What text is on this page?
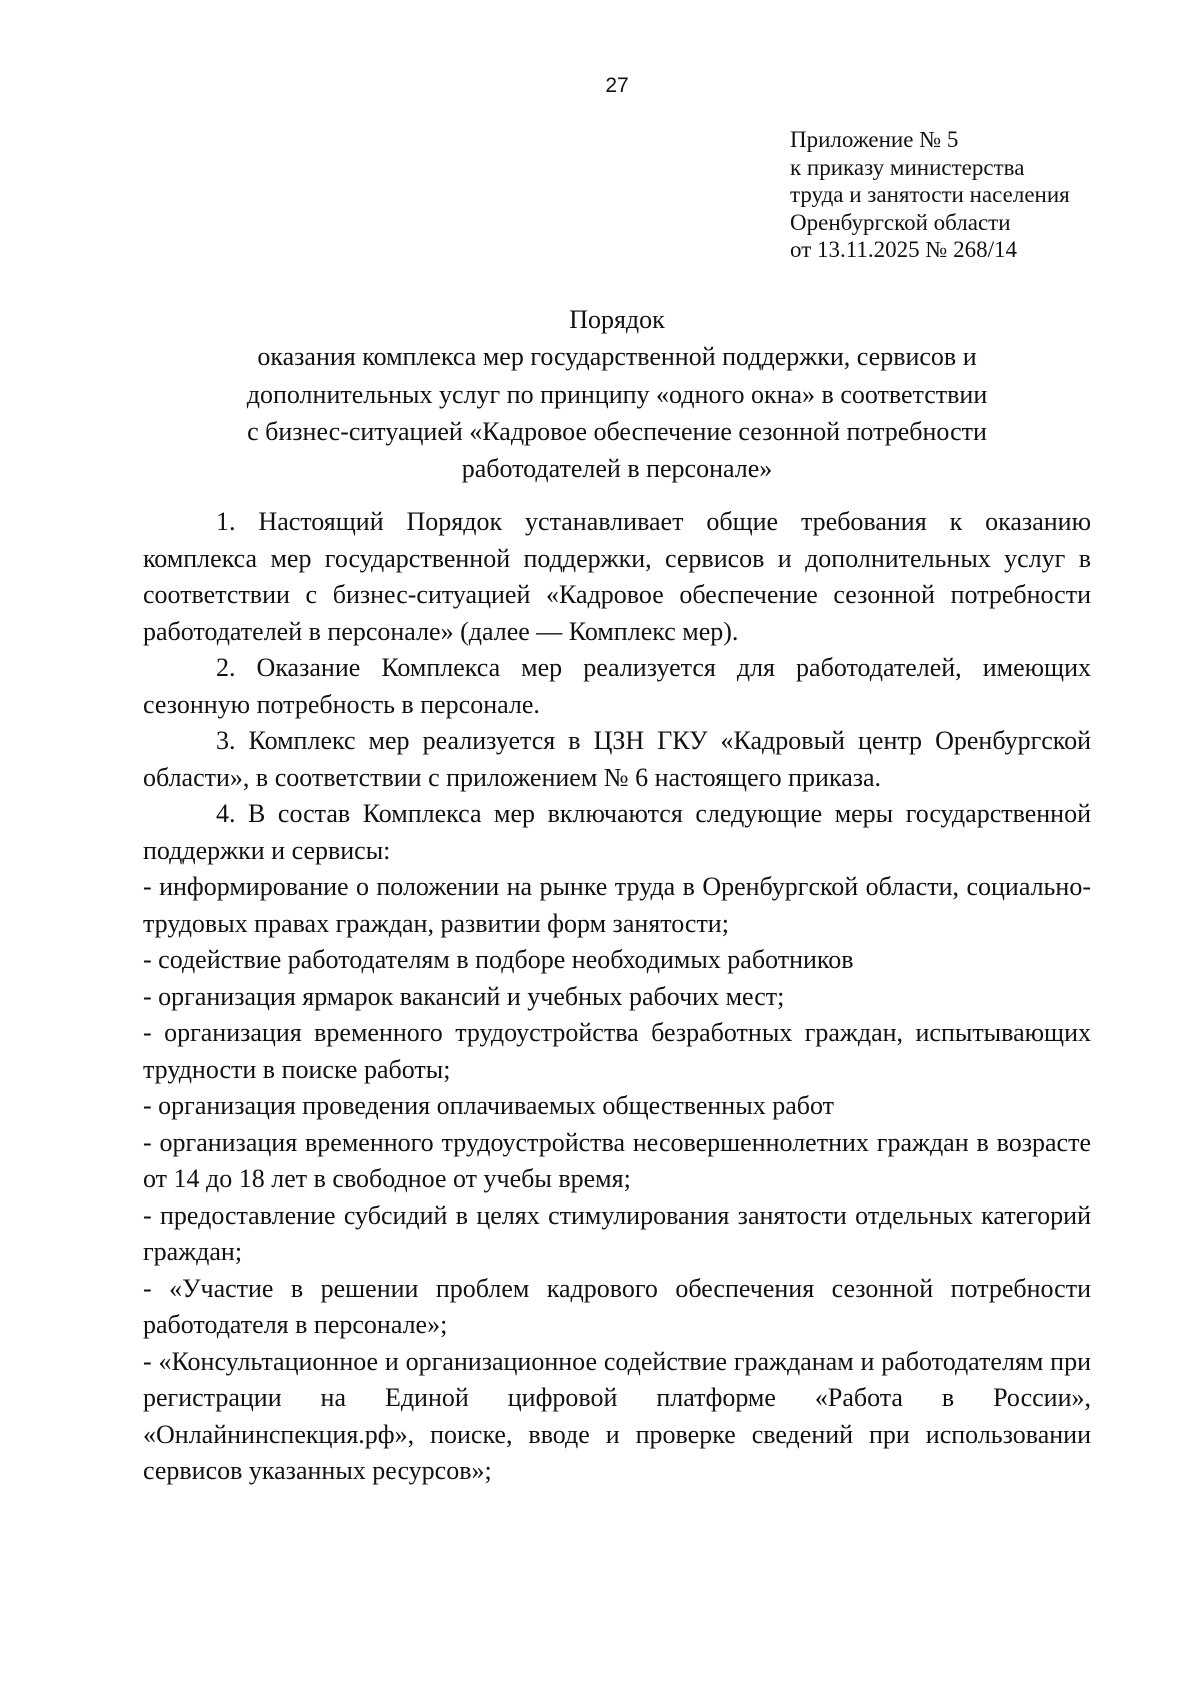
27
Приложение № 5
к приказу министерства
труда и занятости населения
Оренбургской области
от 13.11.2025 № 268/14
Порядок
оказания комплекса мер государственной поддержки, сервисов и
дополнительных услуг по принципу «одного окна» в соответствии
с бизнес-ситуацией «Кадровое обеспечение сезонной потребности
работодателей в персонале»

1. Настоящий Порядок устанавливает общие требования к оказанию комплекса мер государственной поддержки, сервисов и дополнительных услуг в соответствии с бизнес-ситуацией «Кадровое обеспечение сезонной потребности работодателей в персонале» (далее — Комплекс мер).

2. Оказание Комплекса мер реализуется для работодателей, имеющих сезонную потребность в персонале.

3. Комплекс мер реализуется в ЦЗН ГКУ «Кадровый центр Оренбургской области», в соответствии с приложением № 6 настоящего приказа.

4. В состав Комплекса мер включаются следующие меры государственной поддержки и сервисы:

- информирование о положении на рынке труда в Оренбургской области, социально-трудовых правах граждан, развитии форм занятости;

- содействие работодателям в подборе необходимых работников

- организация ярмарок вакансий и учебных рабочих мест;

- организация временного трудоустройства безработных граждан, испытывающих трудности в поиске работы;

- организация проведения оплачиваемых общественных работ

- организация временного трудоустройства несовершеннолетних граждан в возрасте от 14 до 18 лет в свободное от учебы время;

- предоставление субсидий в целях стимулирования занятости отдельных категорий граждан;

- «Участие в решении проблем кадрового обеспечения сезонной потребности работодателя в персонале»;

- «Консультационное и организационное содействие гражданам и работодателям при регистрации на Единой цифровой платформе «Работа в России», «Онлайнинспекция.рф», поиске, вводе и проверке сведений при использовании сервисов указанных ресурсов»;
